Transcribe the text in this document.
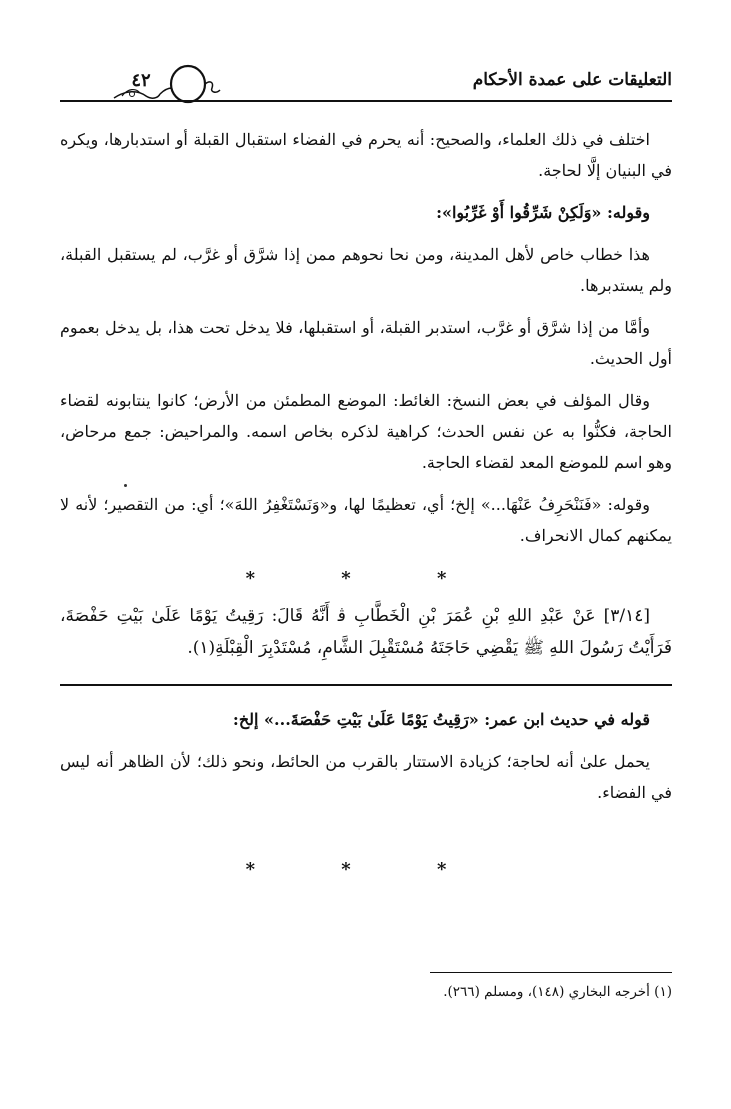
التعليقات على عمدة الأحكام
٤٢

اختلف في ذلك العلماء، والصحيح: أنه يحرم في الفضاء استقبال القبلة أو استدبارها، ويكره في البنيان إلَّا لحاجة.

وقوله: «وَلَكِنْ شَرِّقُوا أَوْ غَرِّبُوا»:

هذا خطاب خاص لأهل المدينة، ومن نحا نحوهم ممن إذا شرَّق أو غرَّب، لم يستقبل القبلة، ولم يستدبرها.

وأمَّا من إذا شرَّق أو غرَّب، استدبر القبلة، أو استقبلها، فلا يدخل تحت هذا، بل يدخل بعموم أول الحديث.

وقال المؤلف في بعض النسخ: الغائط: الموضع المطمئن من الأرض؛ كانوا ينتابونه لقضاء الحاجة، فكنُّوا به عن نفس الحدث؛ كراهية لذكره بخاص اسمه. والمراحيض: جمع مرحاض، وهو اسم للموضع المعد لقضاء الحاجة.

وقوله: «فَنَنْحَرِفُ عَنْهَا...» إلخ؛ أي، تعظيمًا لها، و«وَنَسْتَغْفِرُ اللهَ»؛ أي: من التقصير؛ لأنه لا يمكنهم كمال الانحراف.

* * *

[٣/١٤] عَنْ عَبْدِ اللهِ بْنِ عُمَرَ بْنِ الْخَطَّابِ ﭬ أَنَّهُ قَالَ: رَقِيتُ يَوْمًا عَلَىٰ بَيْتِ حَفْصَةَ، فَرَأَيْتُ رَسُولَ اللهِ ﷺ يَقْضِي حَاجَتَهُ مُسْتَقْبِلَ الشَّامِ، مُسْتَدْبِرَ الْقِبْلَةِ(١).

قوله في حديث ابن عمر: «رَقِيتُ يَوْمًا عَلَىٰ بَيْتِ حَفْصَةَ...» إلخ:

يحمل علىٰ أنه لحاجة؛ كزيادة الاستتار بالقرب من الحائط، ونحو ذلك؛ لأن الظاهر أنه ليس في الفضاء.

* * *
(١) أخرجه البخاري (١٤٨)، ومسلم (٢٦٦).
